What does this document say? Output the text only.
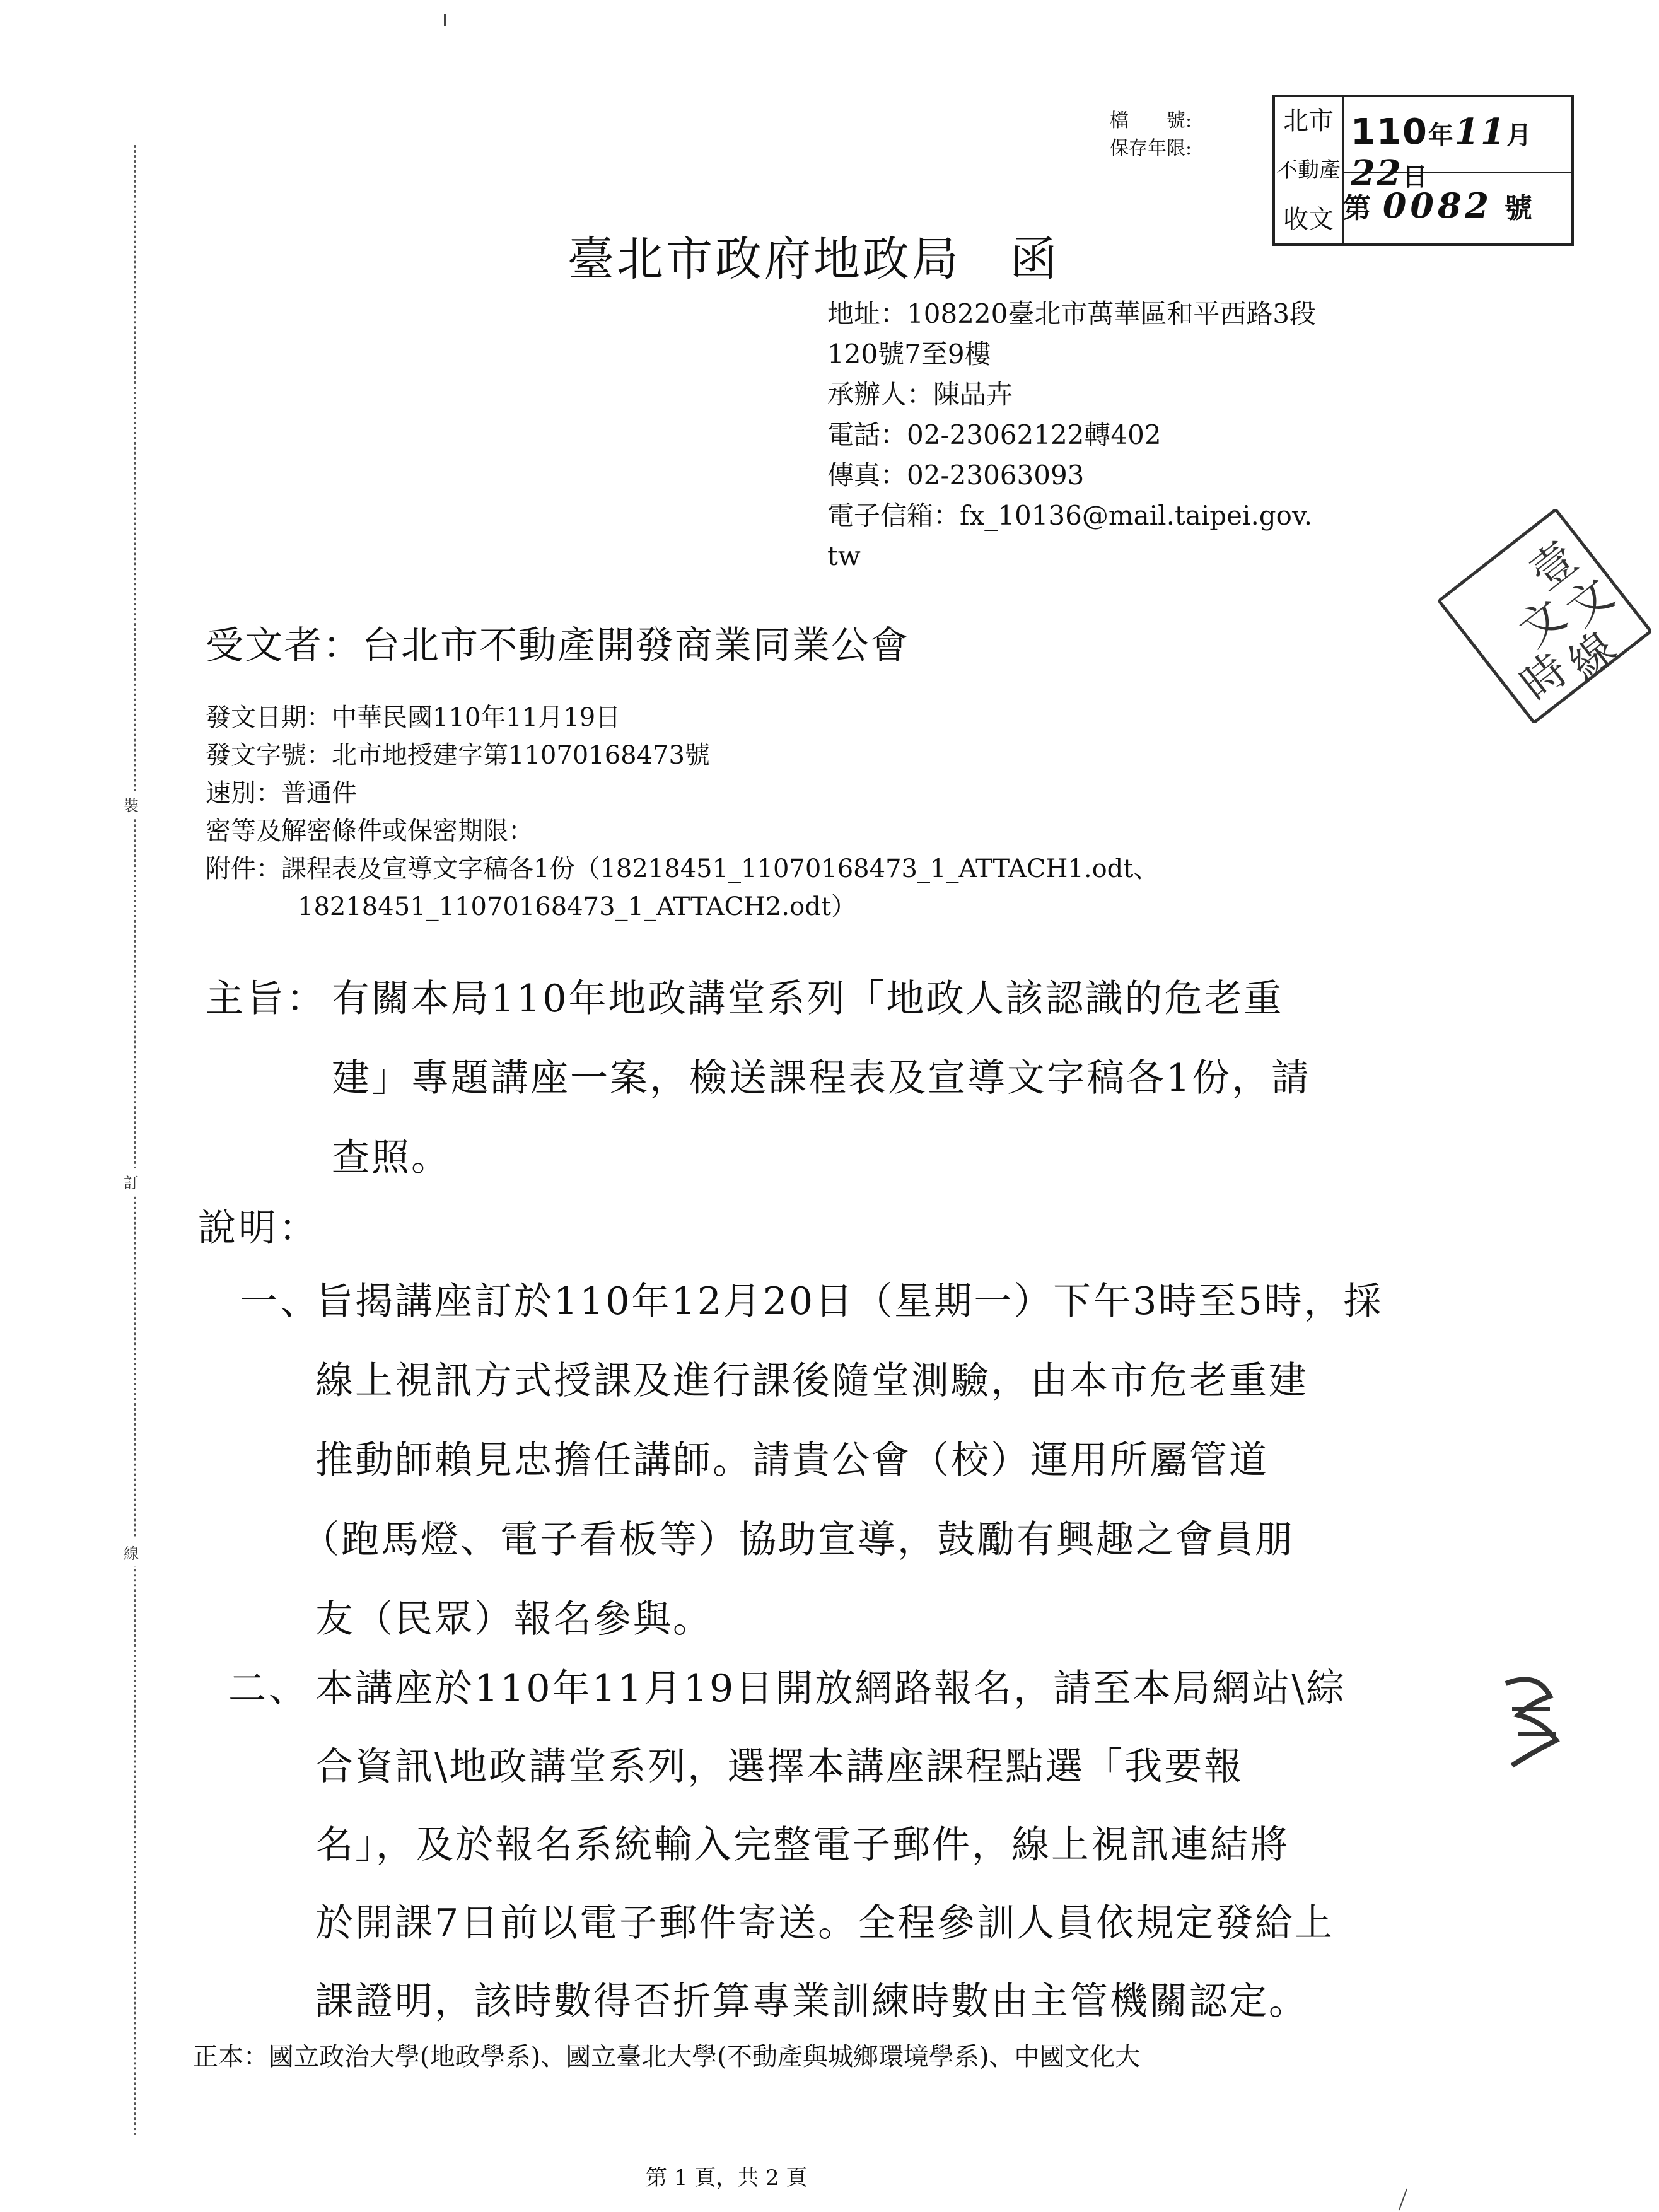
裝
訂
線
檔　　號:
保存年限:
北市
不動產
收文
110年11月22日
第 0082 號
壹
文
文
時
線
臺北市政府地政局　函
地址：108220臺北市萬華區和平西路3段
120號7至9樓
承辦人：陳品卉
電話：02-23062122轉402
傳真：02-23063093
電子信箱：fx_10136@mail.taipei.gov.
tw
受文者：台北市不動產開發商業同業公會
發文日期：中華民國110年11月19日
發文字號：北市地授建字第11070168473號
速別：普通件
密等及解密條件或保密期限：
附件：課程表及宣導文字稿各1份（18218451_11070168473_1_ATTACH1.odt、
18218451_11070168473_1_ATTACH2.odt）
主旨： 有關本局110年地政講堂系列「地政人該認識的危老重
建」專題講座一案，檢送課程表及宣導文字稿各1份，請
查照。
說明：
一、
旨揭講座訂於110年12月20日（星期一）下午3時至5時，採
線上視訊方式授課及進行課後隨堂測驗，由本市危老重建
推動師賴見忠擔任講師。請貴公會（校）運用所屬管道
（跑馬燈、電子看板等）協助宣導，鼓勵有興趣之會員朋
友（民眾）報名參與。
二、 本講座於110年11月19日開放網路報名，請至本局網站\綜
合資訊\地政講堂系列，選擇本講座課程點選「我要報
名」，及於報名系統輸入完整電子郵件，線上視訊連結將
於開課7日前以電子郵件寄送。全程參訓人員依規定發給上
課證明，該時數得否折算專業訓練時數由主管機關認定。
正本：國立政治大學(地政學系)、國立臺北大學(不動產與城鄉環境學系)、中國文化大
第 1 頁，共 2 頁
